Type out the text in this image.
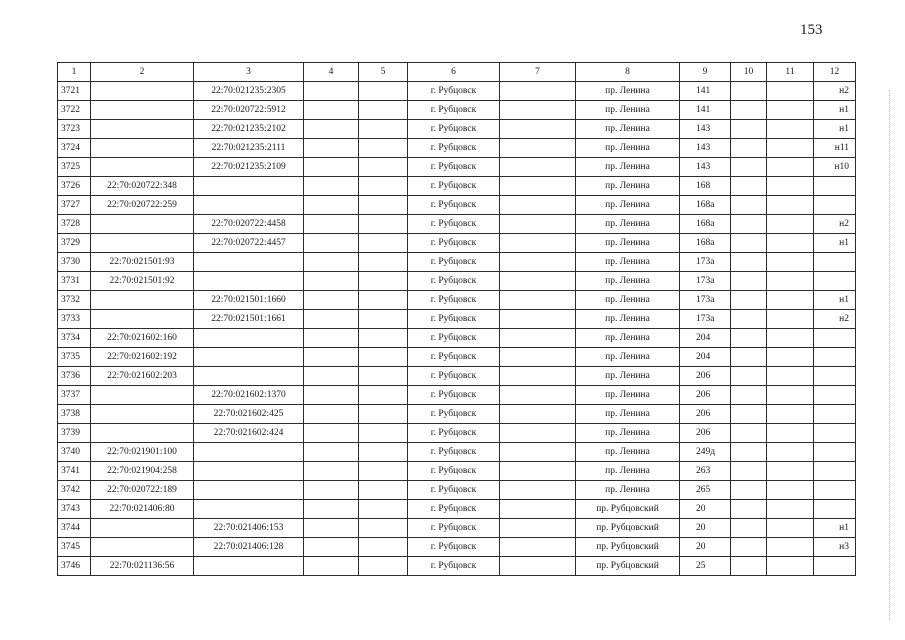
153
1	2	3	4	5	6	7	8	9	10	11	12
3721		22:70:021235:2305			г. Рубцовск		пр. Ленина	141			н2
3722		22:70:020722:5912			г. Рубцовск		пр. Ленина	141			н1
3723		22:70:021235:2102			г. Рубцовск		пр. Ленина	143			н1
3724		22:70:021235:2111			г. Рубцовск		пр. Ленина	143			н11
3725		22:70:021235:2109			г. Рубцовск		пр. Ленина	143			н10
3726	22:70:020722:348				г. Рубцовск		пр. Ленина	168			
3727	22:70:020722:259				г. Рубцовск		пр. Ленина	168а			
3728		22:70:020722:4458			г. Рубцовск		пр. Ленина	168а			н2
3729		22:70:020722:4457			г. Рубцовск		пр. Ленина	168а			н1
3730	22:70:021501:93				г. Рубцовск		пр. Ленина	173а			
3731	22:70:021501:92				г. Рубцовск		пр. Ленина	173а			
3732		22:70:021501:1660			г. Рубцовск		пр. Ленина	173а			н1
3733		22:70:021501:1661			г. Рубцовск		пр. Ленина	173а			н2
3734	22:70:021602:160				г. Рубцовск		пр. Ленина	204			
3735	22:70:021602:192				г. Рубцовск		пр. Ленина	204			
3736	22:70:021602:203				г. Рубцовск		пр. Ленина	206			
3737		22:70:021602:1370			г. Рубцовск		пр. Ленина	206			
3738		22:70:021602:425			г. Рубцовск		пр. Ленина	206			
3739		22:70:021602:424			г. Рубцовск		пр. Ленина	206			
3740	22:70:021901:100				г. Рубцовск		пр. Ленина	249д			
3741	22:70:021904:258				г. Рубцовск		пр. Ленина	263			
3742	22:70:020722:189				г. Рубцовск		пр. Ленина	265			
3743	22:70:021406:80				г. Рубцовск		пр. Рубцовский	20			
3744		22:70:021406:153			г. Рубцовск		пр. Рубцовский	20			н1
3745		22:70:021406:128			г. Рубцовск		пр. Рубцовский	20			н3
3746	22:70:021136:56				г. Рубцовск		пр. Рубцовский	25			
